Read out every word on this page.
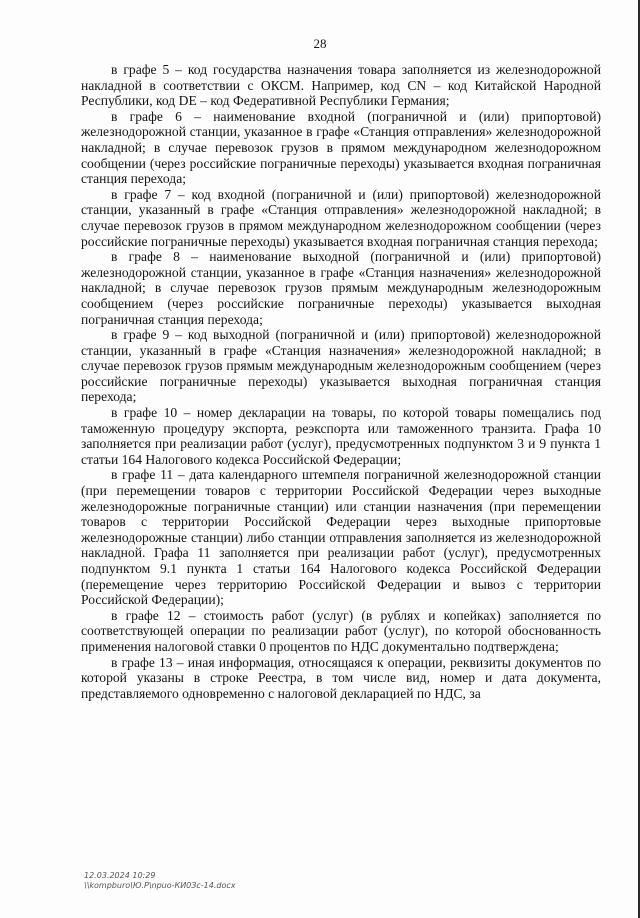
28

в графе 5 – код государства назначения товара заполняется из железнодорожной накладной в соответствии с ОКСМ. Например, код CN – код Китайской Народной Республики, код DE – код Федеративной Республики Германия;

в графе 6 – наименование входной (пограничной и (или) припортовой) железнодорожной станции, указанное в графе «Станция отправления» железнодорожной накладной; в случае перевозок грузов в прямом международном железнодорожном сообщении (через российские пограничные переходы) указывается входная пограничная станция перехода;

в графе 7 – код входной (пограничной и (или) припортовой) железнодорожной станции, указанный в графе «Станция отправления» железнодорожной накладной; в случае перевозок грузов в прямом международном железнодорожном сообщении (через российские пограничные переходы) указывается входная пограничная станция перехода;

в графе 8 – наименование выходной (пограничной и (или) припортовой) железнодорожной станции, указанное в графе «Станция назначения» железнодорожной накладной; в случае перевозок грузов прямым международным железнодорожным сообщением (через российские пограничные переходы) указывается выходная пограничная станция перехода;

в графе 9 – код выходной (пограничной и (или) припортовой) железнодорожной станции, указанный в графе «Станция назначения» железнодорожной накладной; в случае перевозок грузов прямым международным железнодорожным сообщением (через российские пограничные переходы) указывается выходная пограничная станция перехода;

в графе 10 – номер декларации на товары, по которой товары помещались под таможенную процедуру экспорта, реэкспорта или таможенного транзита. Графа 10 заполняется при реализации работ (услуг), предусмотренных подпунктом 3 и 9 пункта 1 статьи 164 Налогового кодекса Российской Федерации;

в графе 11 – дата календарного штемпеля пограничной железнодорожной станции (при перемещении товаров с территории Российской Федерации через выходные железнодорожные пограничные станции) или станции назначения (при перемещении товаров с территории Российской Федерации через выходные припортовые железнодорожные станции) либо станции отправления заполняется из железнодорожной накладной. Графа 11 заполняется при реализации работ (услуг), предусмотренных подпунктом 9.1 пункта 1 статьи 164 Налогового кодекса Российской Федерации (перемещение через территорию Российской Федерации и вывоз с территории Российской Федерации);

в графе 12 – стоимость работ (услуг) (в рублях и копейках) заполняется по соответствующей операции по реализации работ (услуг), по которой обоснованность применения налоговой ставки 0 процентов по НДС документально подтверждена;

в графе 13 – иная информация, относящаяся к операции, реквизиты документов по которой указаны в строке Реестра, в том числе вид, номер и дата документа, представляемого одновременно с налоговой декларацией по НДС, за

12.03.2024 10:29
\\kompburo\Ю.Р\npuo-КИ0Зс-14.docx
